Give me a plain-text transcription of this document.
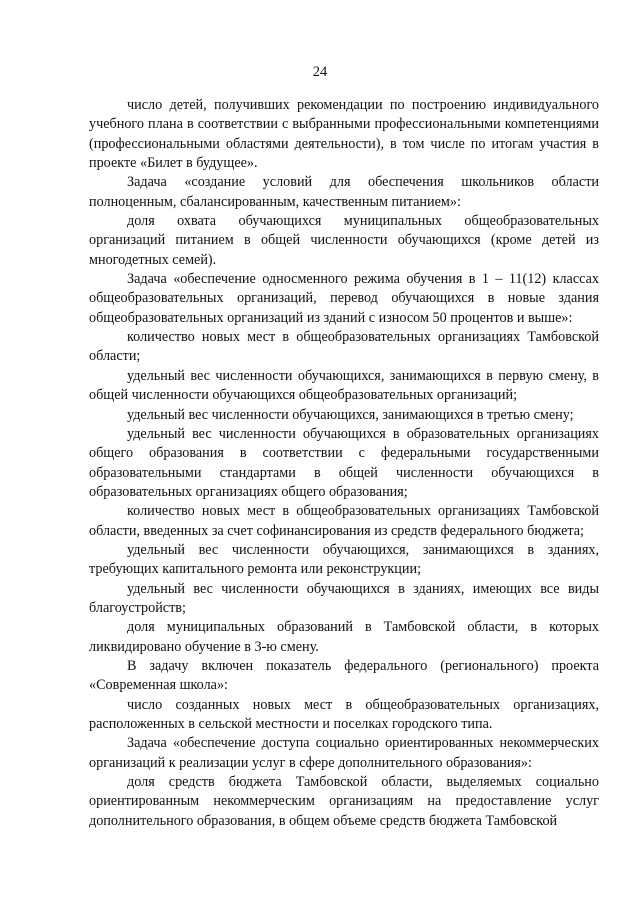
24

число детей, получивших рекомендации по построению индивидуального учебного плана в соответствии с выбранными профессиональными компетенциями (профессиональными областями деятельности), в том числе по итогам участия в проекте «Билет в будущее».

Задача «создание условий для обеспечения школьников области полноценным, сбалансированным, качественным питанием»:

доля охвата обучающихся муниципальных общеобразовательных организаций питанием в общей численности обучающихся (кроме детей из многодетных семей).

Задача «обеспечение односменного режима обучения в 1 – 11(12) классах общеобразовательных организаций, перевод обучающихся в новые здания общеобразовательных организаций из зданий с износом 50 процентов и выше»:

количество новых мест в общеобразовательных организациях Тамбовской области;

удельный вес численности обучающихся, занимающихся в первую смену, в общей численности обучающихся общеобразовательных организаций;

удельный вес численности обучающихся, занимающихся в третью смену;

удельный вес численности обучающихся в образовательных организациях общего образования в соответствии с федеральными государственными образовательными стандартами в общей численности обучающихся в образовательных организациях общего образования;

количество новых мест в общеобразовательных организациях Тамбовской области, введенных за счет софинансирования из средств федерального бюджета;

удельный вес численности обучающихся, занимающихся в зданиях, требующих капитального ремонта или реконструкции;

удельный вес численности обучающихся в зданиях, имеющих все виды благоустройств;

доля муниципальных образований в Тамбовской области, в которых ликвидировано обучение в 3-ю смену.

В задачу включен показатель федерального (регионального) проекта «Современная школа»:

число созданных новых мест в общеобразовательных организациях, расположенных в сельской местности и поселках городского типа.

Задача «обеспечение доступа социально ориентированных некоммерческих организаций к реализации услуг в сфере дополнительного образования»:

доля средств бюджета Тамбовской области, выделяемых социально ориентированным некоммерческим организациям на предоставление услуг дополнительного образования, в общем объеме средств бюджета Тамбовской
